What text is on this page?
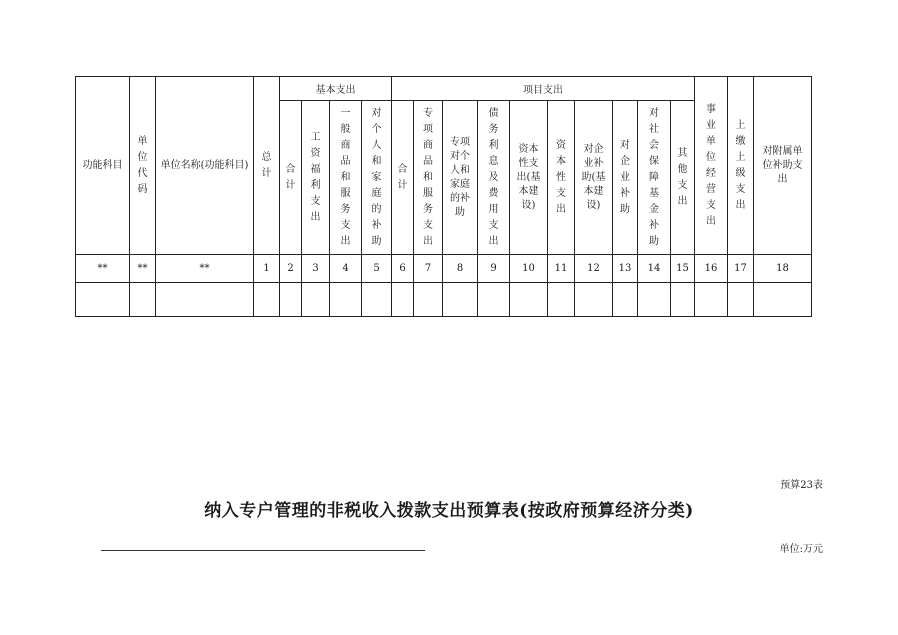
功能科目	单位代码	单位名称(功能科目)	总计	基本支出				项目支出										事业单位经营支出	上缴上级支出	对附属单位补助支出
				合计	工资福利支出	一般商品和服务支出	对个人和家庭的补助	合计	专项商品和服务支出	专项对个人和家庭的补助	债务利息及费用支出	资本性支出(基本建设)	资本性支出	对企业补助(基本建设)	对企业补助	对社会保障基金补助	其他支出			
**	**	**	1	2	3	4	5	6	7	8	9	10	11	12	13	14	15	16	17	18

预算23表
纳入专户管理的非税收入拨款支出预算表(按政府预算经济分类)
单位:万元
